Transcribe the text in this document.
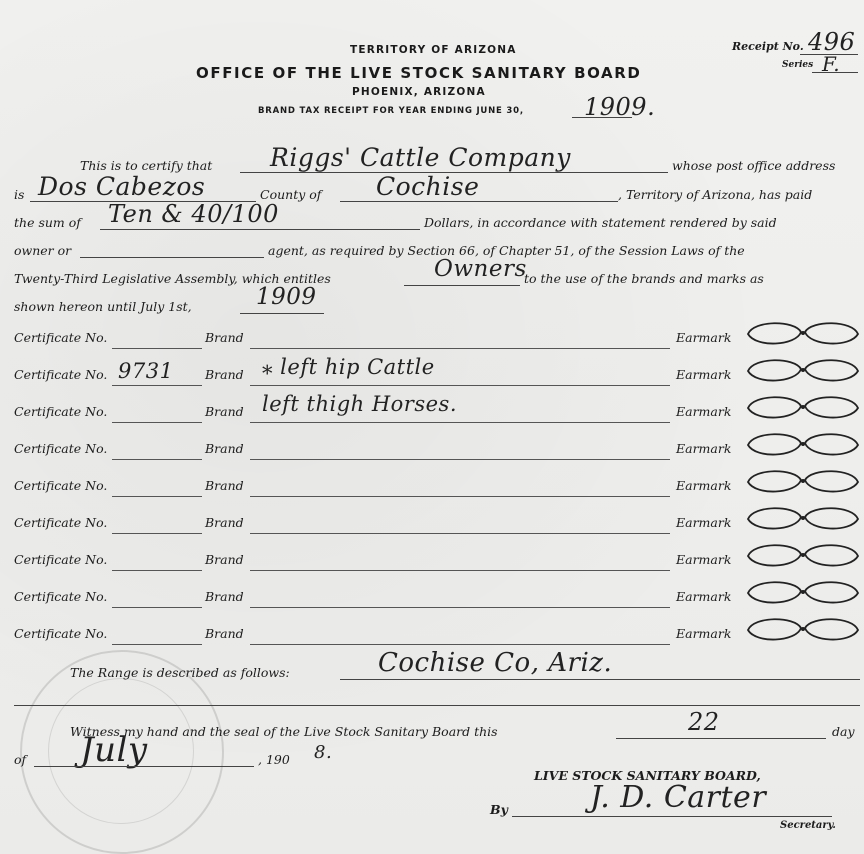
TERRITORY OF ARIZONA
OFFICE OF THE LIVE STOCK SANITARY BOARD
PHOENIX, ARIZONA
BRAND TAX RECEIPT FOR YEAR ENDING JUNE 30,	1909.
Receipt No. 496
Series F.
This is to certify that Riggs' Cattle Company	whose post office address
is Dos Cabezos	County of Cochise	, Territory of Arizona, has paid
the sum of Ten & 40/100	Dollars, in accordance with statement rendered by said
owner or	agent, as required by Section 66, of Chapter 51, of the Session Laws of the
Twenty-Third Legislative Assembly, which entitles	Owners
to the use of the brands and marks as
shown hereon until July 1st,	1909
Certificate No.	Brand	Earmark
Certificate No. 9731	Brand ⁎ left hip Cattle	Earmark
Certificate No.	Brand left thigh Horses.	Earmark
Certificate No.	Brand	Earmark
Certificate No.	Brand	Earmark
Certificate No.	Brand	Earmark
Certificate No.	Brand	Earmark
Certificate No.	Brand	Earmark
Certificate No.	Brand	Earmark
The Range is described as follows:	Cochise Co, Ariz.
Witness my hand and the seal of the Live Stock Sanitary Board this	22	day
of July	, 190 8.
LIVE STOCK SANITARY BOARD,
By	J. D. Carter
Secretary.
